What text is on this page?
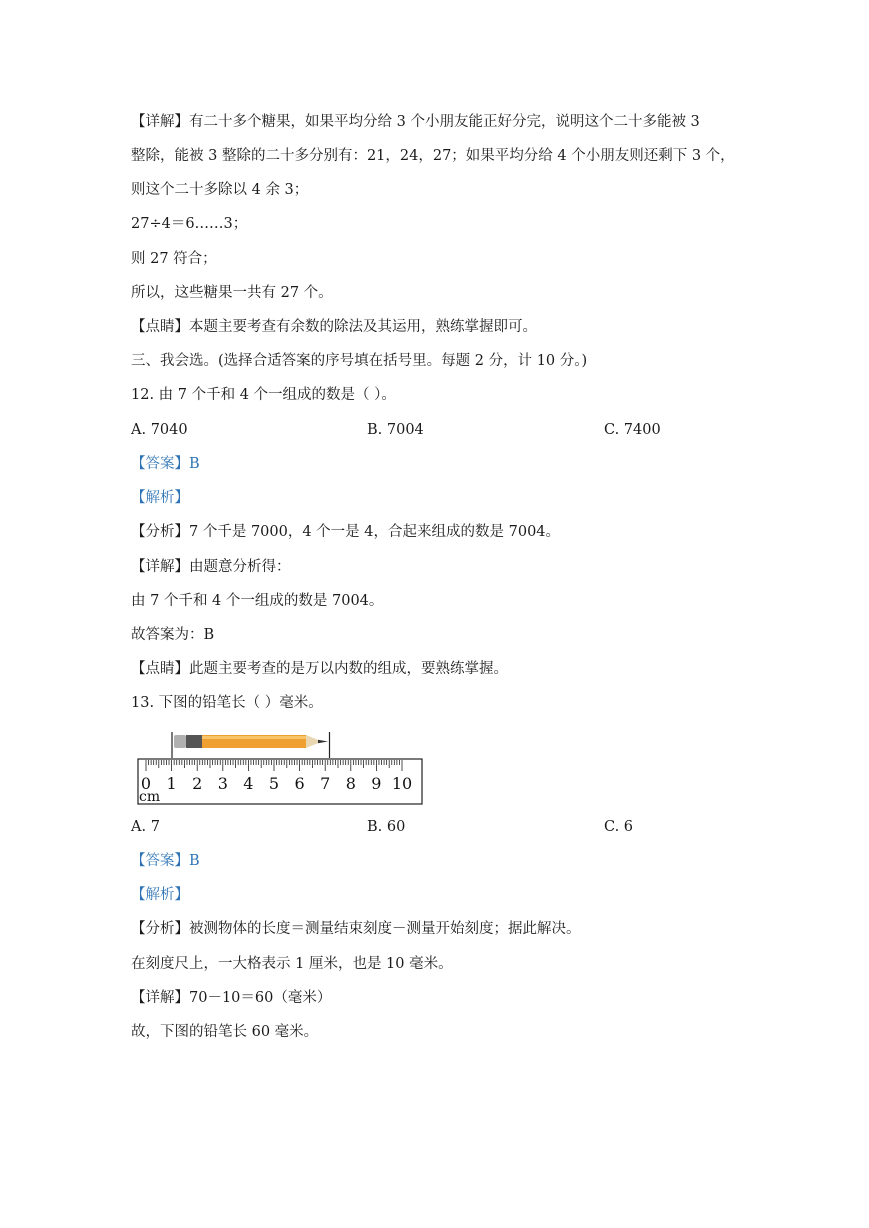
【详解】有二十多个糖果，如果平均分给 3 个小朋友能正好分完，说明这个二十多能被 3
整除，能被 3 整除的二十多分别有：21，24，27；如果平均分给 4 个小朋友则还剩下 3 个，
则这个二十多除以 4 余 3；
27÷4＝6……3；
则 27 符合；
所以，这些糖果一共有 27 个。
【点睛】本题主要考查有余数的除法及其运用，熟练掌握即可。
三、我会选。(选择合适答案的序号填在括号里。每题 2 分，计 10 分。)
12. 由 7 个千和 4 个一组成的数是（ ）。
A. 7040	B. 7004	C. 7400
【答案】B
【解析】
【分析】7 个千是 7000，4 个一是 4，合起来组成的数是 7004。
【详解】由题意分析得：
由 7 个千和 4 个一组成的数是 7004。
故答案为：B
【点睛】此题主要考查的是万以内数的组成，要熟练掌握。
13. 下图的铅笔长（ ）毫米。
0 1 2 3 4 5 6 7 8 9 10
cm
A. 7	B. 60	C. 6
【答案】B
【解析】
【分析】被测物体的长度＝测量结束刻度－测量开始刻度；据此解决。
在刻度尺上，一大格表示 1 厘米，也是 10 毫米。
【详解】70－10＝60（毫米）
故，下图的铅笔长 60 毫米。
